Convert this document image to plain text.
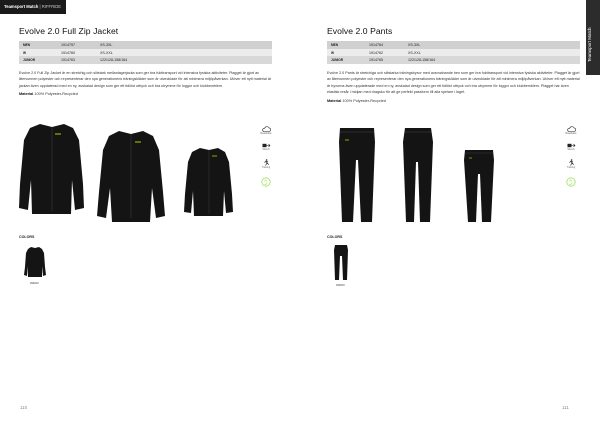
Teamsport Match | RIFFRIDE
Teamsport Match
Evolve 2.0 Full Zip Jacket
MEN	1914757	XS-3XL
W	1914760	XS-XXL
JUNIOR	1914763	122/128-158/164

Evolve 2.0 Full Zip Jacket är en stretchig och slitstark mellanlagerjacka som ger bra fukttransport vid intensiva fysiska aktiviteter. Plagget är gjort av återvunnen polyester och representerar den nya generationens träningskläder som är utvecklade för att minimera miljöpåverkan. Utöver ett nytt material är jackan även uppdaterad med en ny, avskalad design som ger ett tidlöst uttryck och bra utrymme för loggor och klubbemblem.

Material 100% Polyester-Recycled

Breathable
Stretch
Training
COLORS
999000
110
Evolve 2.0 Pants
MEN	1914764	XS-3XL
W	1914762	XS-XXL
JUNIOR	1914765	122/128-158/164

Evolve 2.0 Pants är stretchiga och slitstarka träningsbyxor med avsmalnande ben som ger bra fukttransport vid intensiva fysiska aktiviteter. Plagget är gjort av återvunnen polyester och representerar den nya generationens träningskläder som är utvecklade för att minimera miljöpåverkan. Utöver ett nytt material är byxorna även uppdaterade med en ny, avskalad design som ger ett tidlöst uttryck och bra utrymme för loggor och klubbemblem. Plagget har även elastisk resår i midjan med dragsko för att ge perfekt passform till alla spelare i laget.

Material 100% Polyester-Recycled

Breathable
Stretch
Training
COLORS
999000
111
